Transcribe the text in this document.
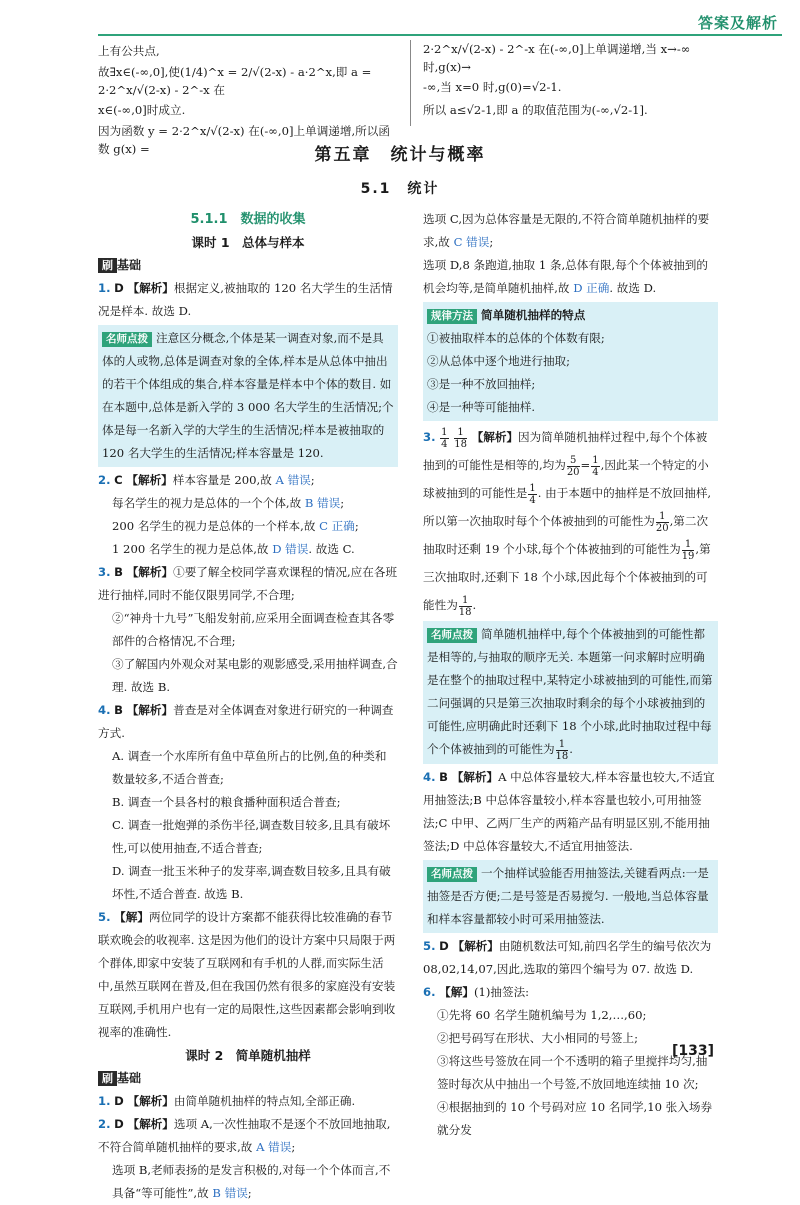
答案及解析

上有公共点,

故∃x∈(-∞,0],使(1/4)^x = 2/√(2-x) - a·2^x,即 a = 2·2^x/√(2-x) - 2^-x 在

x∈(-∞,0]时成立.

因为函数 y = 2·2^x/√(2-x) 在(-∞,0]上单调递增,所以函数 g(x) =

2·2^x/√(2-x) - 2^-x 在(-∞,0]上单调递增,当 x→-∞ 时,g(x)→

-∞,当 x=0 时,g(0)=√2-1.

所以 a≤√2-1,即 a 的取值范围为(-∞,√2-1].

第五章　统计与概率
5.1　统计
5.1.1　数据的收集
课时 1　总体与样本
刷 基础

1. D 【解析】根据定义,被抽取的 120 名大学生的生活情况是样本. 故选 D.

名师点拨 注意区分概念,个体是某一调查对象,而不是具体的人或物,总体是调查对象的全体,样本是从总体中抽出的若干个体组成的集合,样本容量是样本中个体的数目. 如在本题中,总体是新入学的 3 000 名大学生的生活情况;个体是每一名新入学的大学生的生活情况;样本是被抽取的 120 名大学生的生活情况;样本容量是 120.

2. C 【解析】样本容量是 200,故 A 错误;

每名学生的视力是总体的一个个体,故 B 错误;

200 名学生的视力是总体的一个样本,故 C 正确;

1 200 名学生的视力是总体,故 D 错误. 故选 C.

3. B 【解析】①要了解全校同学喜欢课程的情况,应在各班进行抽样,同时不能仅限男同学,不合理;

②“神舟十九号”飞船发射前,应采用全面调查检查其各零部件的合格情况,不合理;

③了解国内外观众对某电影的观影感受,采用抽样调查,合理. 故选 B.

4. B 【解析】普查是对全体调查对象进行研究的一种调查方式.

A. 调查一个水库所有鱼中草鱼所占的比例,鱼的种类和数量较多,不适合普查;

B. 调查一个县各村的粮食播种面积适合普查;

C. 调查一批炮弹的杀伤半径,调查数目较多,且具有破坏性,可以使用抽查,不适合普查;

D. 调查一批玉米种子的发芽率,调查数目较多,且具有破坏性,不适合普查. 故选 B.

5. 【解】两位同学的设计方案都不能获得比较准确的春节联欢晚会的收视率. 这是因为他们的设计方案中只局限于两个群体,即家中安装了互联网和有手机的人群,而实际生活中,虽然互联网在普及,但在我国仍然有很多的家庭没有安装互联网,手机用户也有一定的局限性,这些因素都会影响到收视率的准确性.

课时 2　简单随机抽样
刷 基础

1. D 【解析】由简单随机抽样的特点知,全部正确.

2. D 【解析】选项 A,一次性抽取不是逐个不放回地抽取,不符合简单随机抽样的要求,故 A 错误;

选项 B,老师表扬的是发言积极的,对每一个个体而言,不具备“等可能性”,故 B 错误;

选项 C,因为总体容量是无限的,不符合简单随机抽样的要求,故 C 错误;

选项 D,8 条跑道,抽取 1 条,总体有限,每个个体被抽到的机会均等,是简单随机抽样,故 D 正确. 故选 D.

规律方法 简单随机抽样的特点

①被抽取样本的总体的个体数有限;

②从总体中逐个地进行抽取;

③是一种不放回抽样;

④是一种等可能抽样.

3. $\frac{1}{4}$
$\frac{1}{18}$ 【解析】因为简单随机抽样过程中,每个个体被抽到的可能性是相等的,均为 $\frac{5}{20} = \frac{1}{4}$ ,因此某一个特定的小球被抽到的可能性是 $\frac{1}{4}$ . 由于本题中的抽样是不放回抽样,所以第一次抽取时每个个体被抽到的可能性为 $\frac{1}{20}$ ,第二次抽取时还剩 19 个小球,每个个体被抽到的可能性为 $\frac{1}{19}$ ,第三次抽取时,还剩下 18 个小球,因此每个个体被抽到的可能性为 $\frac{1}{18}$ .

名师点拨 简单随机抽样中,每个个体被抽到的可能性都是相等的,与抽取的顺序无关. 本题第一问求解时应明确是在整个的抽取过程中,某特定小球被抽到的可能性,而第二问强调的只是第三次抽取时剩余的每个小球被抽到的可能性,应明确此时还剩下 18 个小球,此时抽取过程中每个个体被抽到的可能性为 $\frac{1}{18}$ .

4. B 【解析】A 中总体容量较大,样本容量也较大,不适宜用抽签法;B 中总体容量较小,样本容量也较小,可用抽签法;C 中甲、乙两厂生产的两箱产品有明显区别,不能用抽签法;D 中总体容量较大,不适宜用抽签法.

名师点拨 一个抽样试验能否用抽签法,关键看两点:一是抽签是否方便;二是号签是否易搅匀. 一般地,当总体容量和样本容量都较小时可采用抽签法.

5. D 【解析】由随机数法可知,前四名学生的编号依次为 08,02,14,07,因此,选取的第四个编号为 07. 故选 D.

6. 【解】(1)抽签法:

①先将 60 名学生随机编号为 1,2,…,60;

②把号码写在形状、大小相同的号签上;

③将这些号签放在同一个不透明的箱子里搅拌均匀,抽签时每次从中抽出一个号签,不放回地连续抽 10 次;

④根据抽到的 10 个号码对应 10 名同学,10 张入场券就分发

[133]
